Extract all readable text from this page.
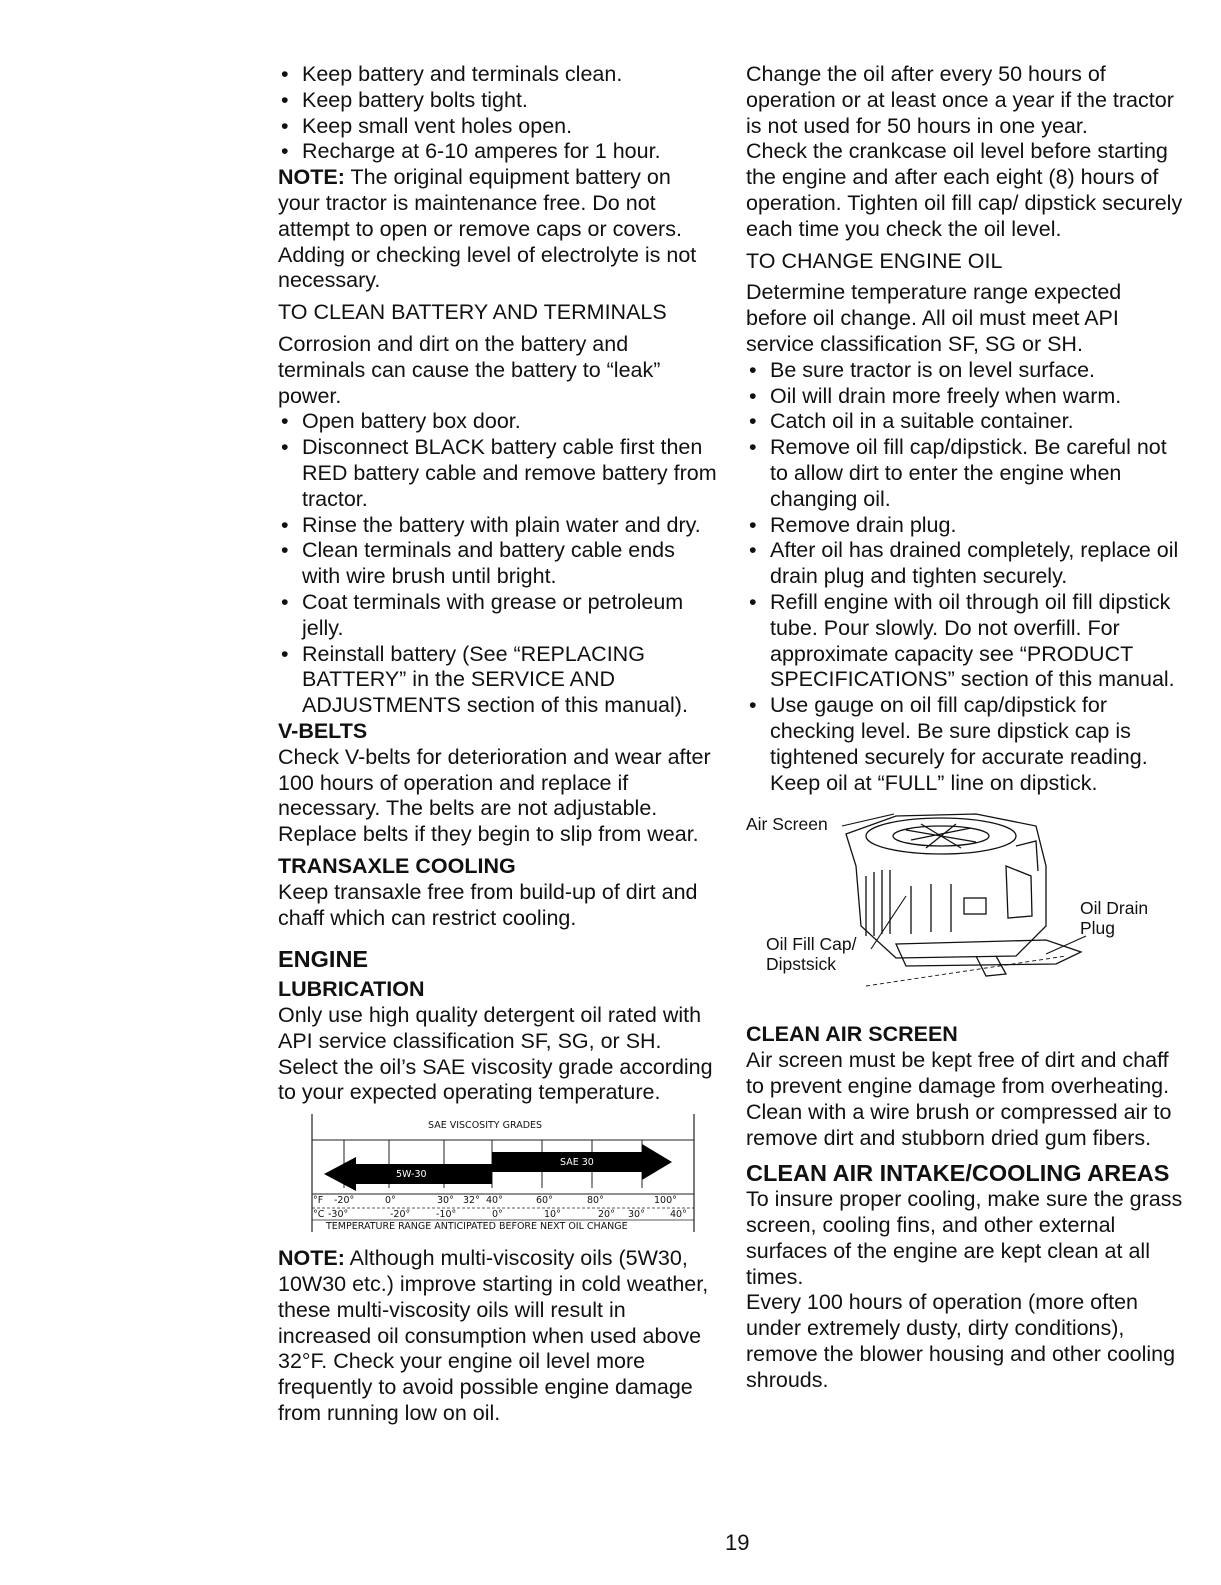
• Keep battery and terminals clean.
• Keep battery bolts tight.
• Keep small vent holes open.
• Recharge at 6-10 amperes for 1 hour.

NOTE: The original equipment battery on your tractor is maintenance free. Do not attempt to open or remove caps or covers. Adding or checking level of electrolyte is not necessary.

TO CLEAN BATTERY AND TERMINALS

Corrosion and dirt on the battery and terminals can cause the battery to “leak” power.

• Open battery box door.
• Disconnect BLACK battery cable first then RED battery cable and remove battery from tractor.
• Rinse the battery with plain water and dry.
• Clean terminals and battery cable ends with wire brush until bright.
• Coat terminals with grease or petroleum jelly.
• Reinstall battery (See “REPLACING BATTERY” in the SERVICE AND ADJUSTMENTS section of this manual).

V-BELTS

Check V-belts for deterioration and wear after 100 hours of operation and replace if necessary. The belts are not adjustable. Replace belts if they begin to slip from wear.

TRANSAXLE COOLING

Keep transaxle free from build-up of dirt and chaff which can restrict cooling.

ENGINE

LUBRICATION

Only use high quality detergent oil rated with API service classification SF, SG, or SH. Select the oil’s SAE viscosity grade according to your expected operating temperature.

SAE VISCOSITY GRADES
5W-30
SAE 30
°F -20°	0°	30° 32° 40°	60°	80°	100°
°C -30°	-20°	-10°	0°	10°	20° 30°	40°
TEMPERATURE RANGE ANTICIPATED BEFORE NEXT OIL CHANGE

NOTE: Although multi-viscosity oils (5W30, 10W30 etc.) improve starting in cold weather, these multi-viscosity oils will result in increased oil consumption when used above 32°F. Check your engine oil level more frequently to avoid possible engine damage from running low on oil.

Change the oil after every 50 hours of operation or at least once a year if the tractor is not used for 50 hours in one year.

Check the crankcase oil level before starting the engine and after each eight (8) hours of operation. Tighten oil fill cap/ dipstick securely each time you check the oil level.

TO CHANGE ENGINE OIL

Determine temperature range expected before oil change. All oil must meet API service classification SF, SG or SH.

• Be sure tractor is on level surface.
• Oil will drain more freely when warm.
• Catch oil in a suitable container.
• Remove oil fill cap/dipstick. Be careful not to allow dirt to enter the engine when changing oil.
• Remove drain plug.
• After oil has drained completely, replace oil drain plug and tighten securely.
• Refill engine with oil through oil fill dipstick tube. Pour slowly. Do not overfill. For approximate capacity see “PRODUCT SPECIFICATIONS” section of this manual.
• Use gauge on oil fill cap/dipstick for checking level. Be sure dipstick cap is tightened securely for accurate reading. Keep oil at “FULL” line on dipstick.
Air Screen
Oil Drain
Plug
Oil Fill Cap/
Dipstsick

CLEAN AIR SCREEN

Air screen must be kept free of dirt and chaff to prevent engine damage from overheating. Clean with a wire brush or compressed air to remove dirt and stubborn dried gum fibers.

CLEAN AIR INTAKE/COOLING AREAS

To insure proper cooling, make sure the grass screen, cooling fins, and other external surfaces of the engine are kept clean at all times.

Every 100 hours of operation (more often under extremely dusty, dirty conditions), remove the blower housing and other cooling shrouds.

19
